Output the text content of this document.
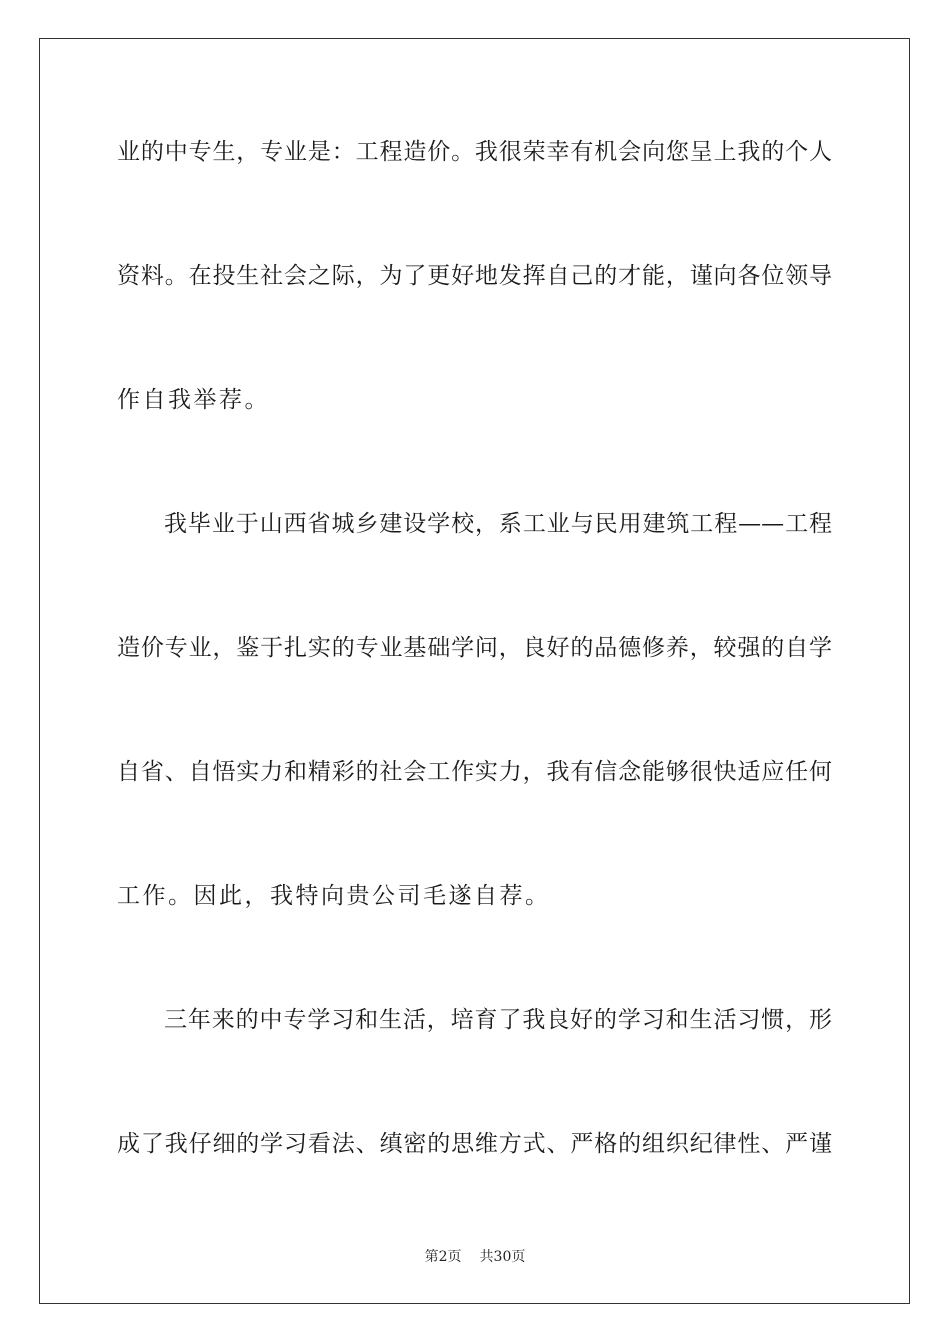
业的中专生，专业是：工程造价。我很荣幸有机会向您呈上我的个人
资料。在投生社会之际，为了更好地发挥自己的才能，谨向各位领导
作自我举荐。
我毕业于山西省城乡建设学校，系工业与民用建筑工程——工程
造价专业，鉴于扎实的专业基础学问，良好的品德修养，较强的自学
自省、自悟实力和精彩的社会工作实力，我有信念能够很快适应任何
工作。因此，我特向贵公司毛遂自荐。
三年来的中专学习和生活，培育了我良好的学习和生活习惯，形
成了我仔细的学习看法、缜密的思维方式、严格的组织纪律性、严谨
第2页 共30页
